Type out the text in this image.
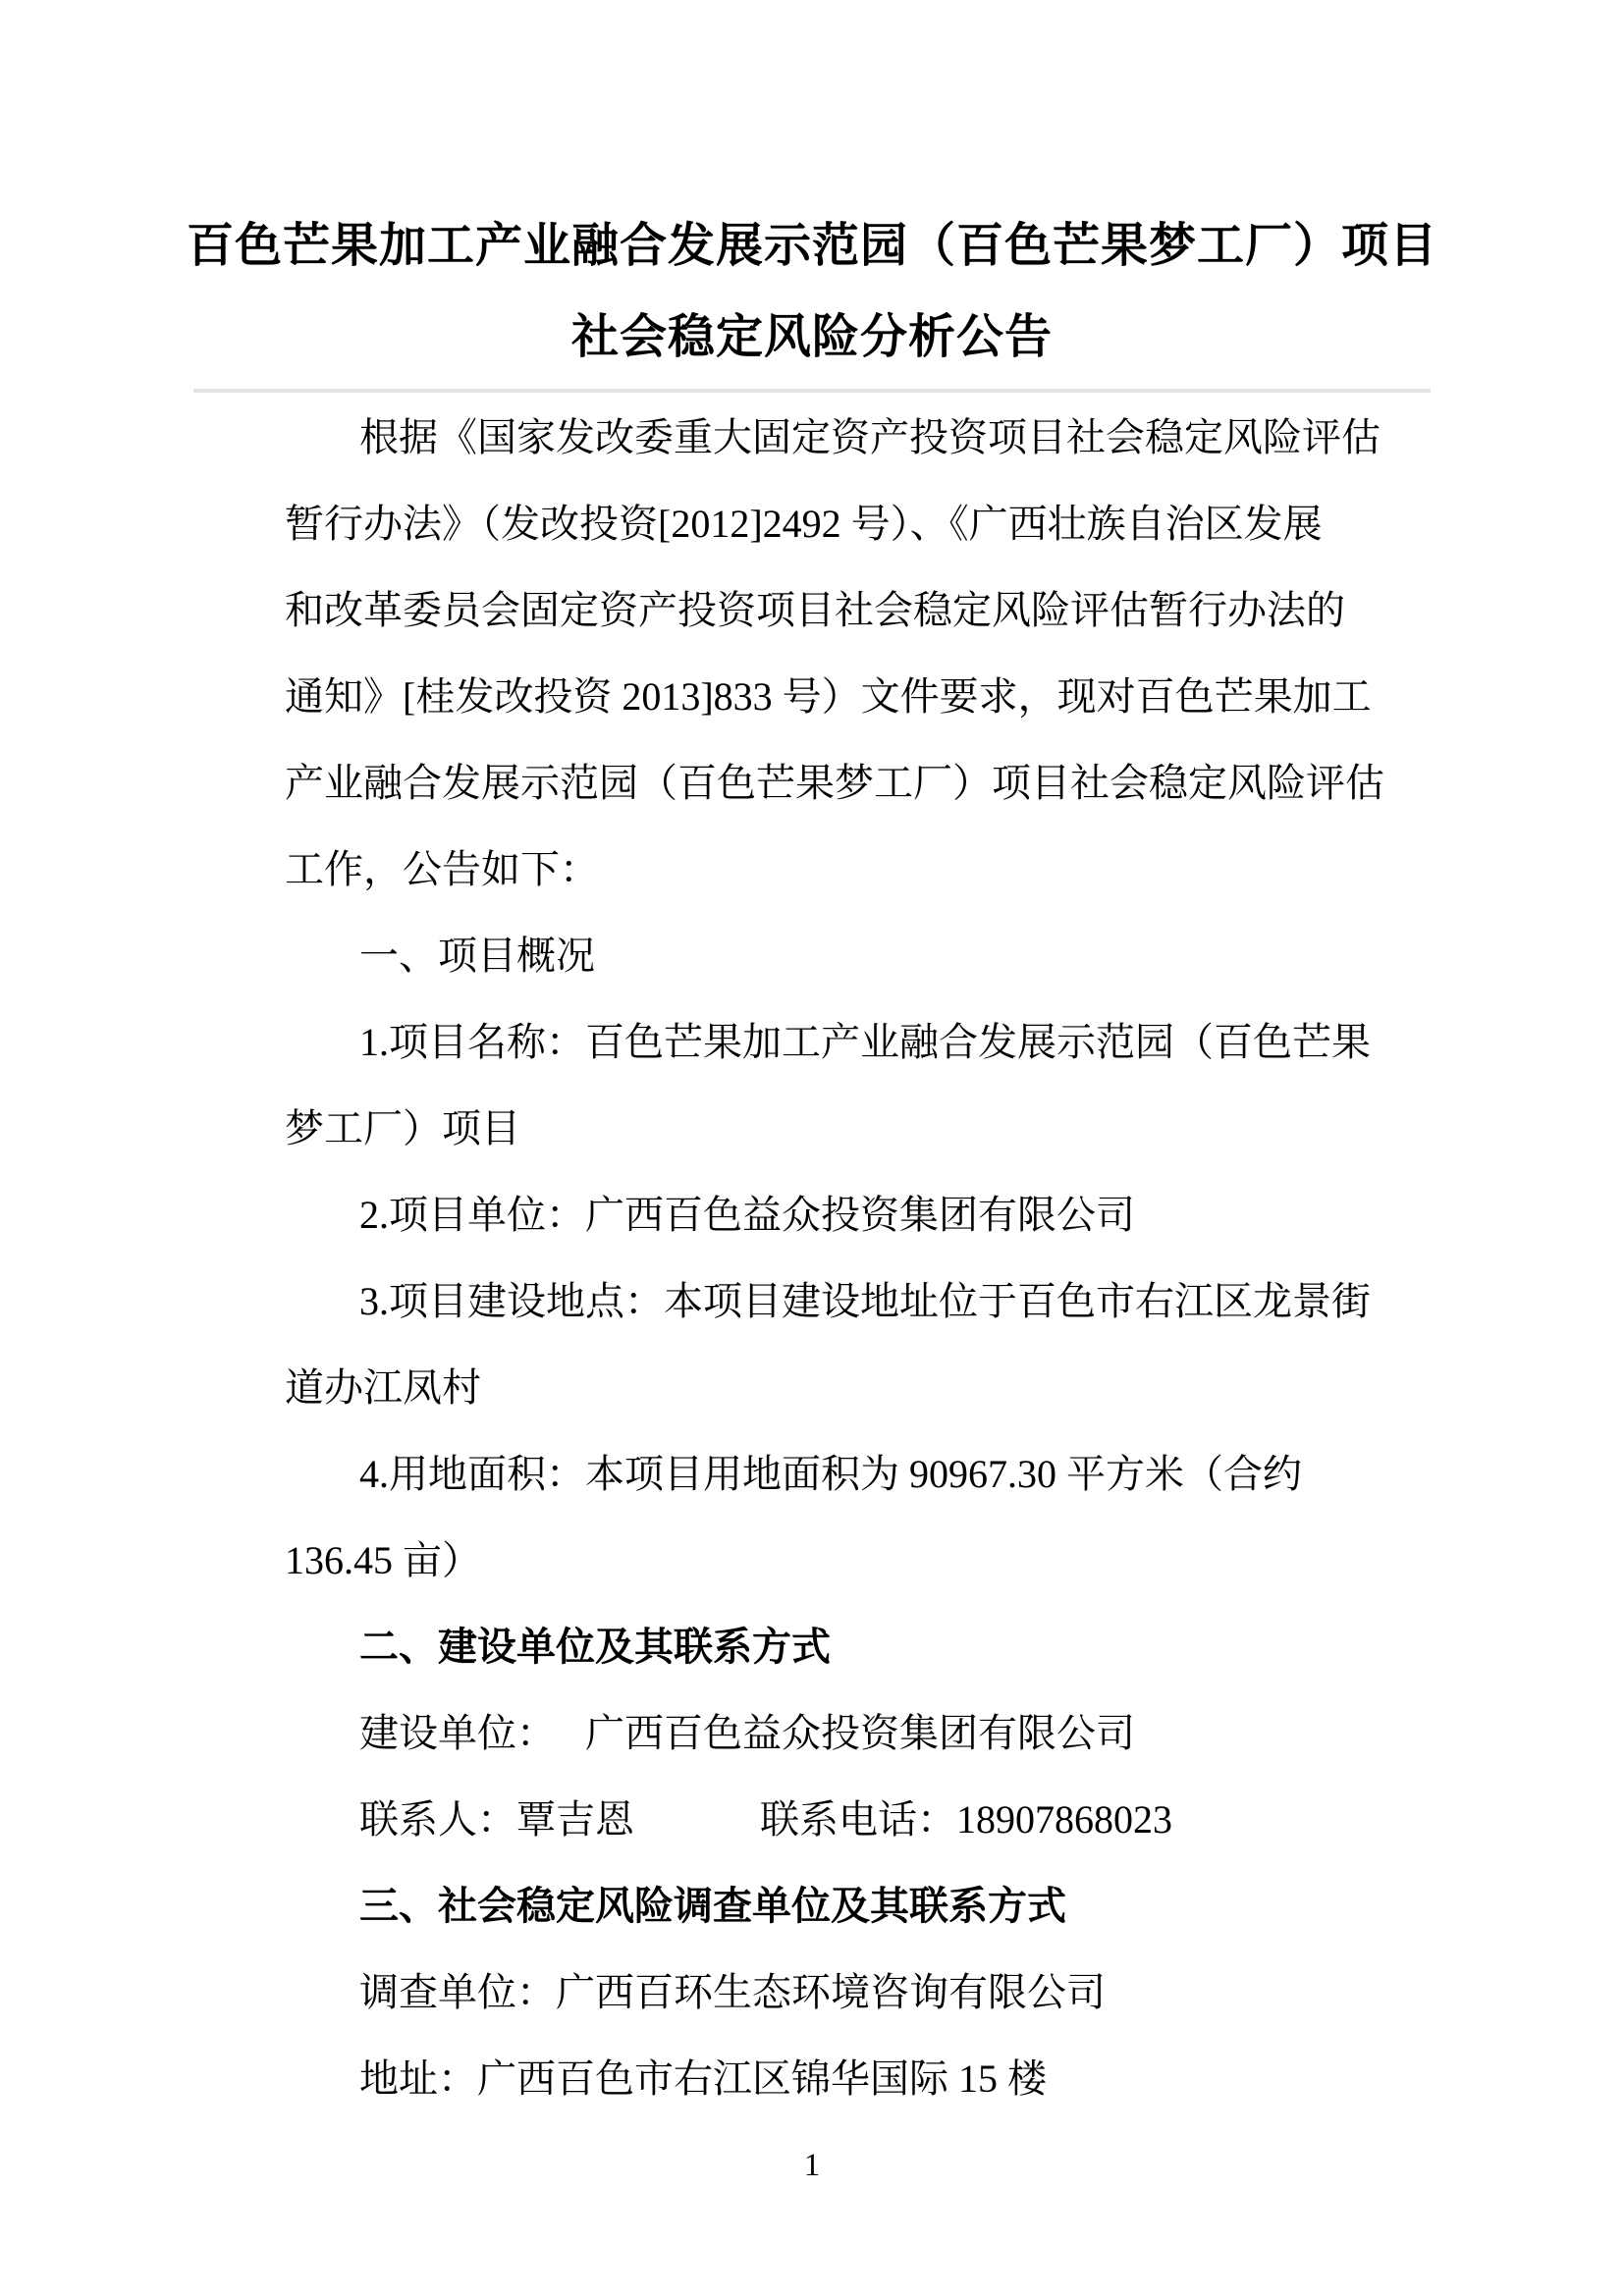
百色芒果加工产业融合发展示范园（百色芒果梦工厂）项目
社会稳定风险分析公告
根据《国家发改委重大固定资产投资项目社会稳定风险评估
暂行办法》（发改投资[2012]2492 号）、《广西壮族自治区发展
和改革委员会固定资产投资项目社会稳定风险评估暂行办法的
通知》[桂发改投资 2013]833 号）文件要求，现对百色芒果加工
产业融合发展示范园（百色芒果梦工厂）项目社会稳定风险评估
工作，公告如下：
一、项目概况
1.项目名称：百色芒果加工产业融合发展示范园（百色芒果
梦工厂）项目
2.项目单位：广西百色益众投资集团有限公司
3.项目建设地点：本项目建设地址位于百色市右江区龙景街
道办江凤村
4.用地面积：本项目用地面积为 90967.30 平方米（合约
136.45 亩）
二、建设单位及其联系方式
建设单位： 广西百色益众投资集团有限公司
联系人：覃吉恩	联系电话：18907868023
三、社会稳定风险调查单位及其联系方式
调查单位：广西百环生态环境咨询有限公司
地址：广西百色市右江区锦华国际 15 楼
1
